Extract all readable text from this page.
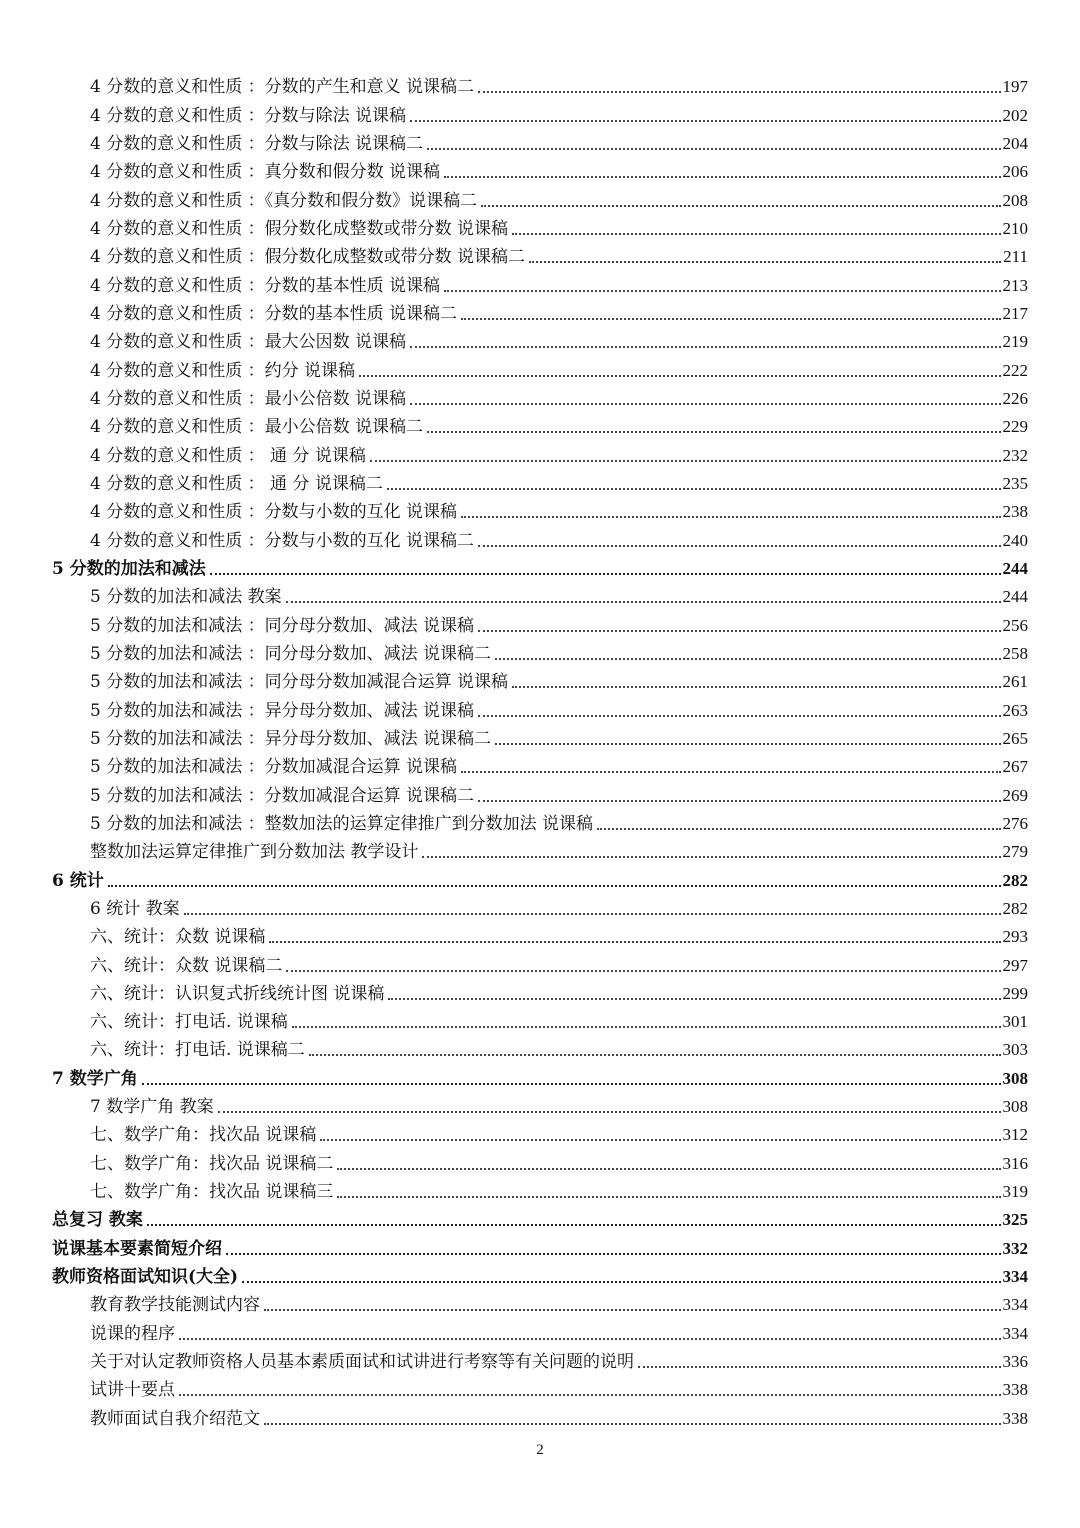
4 分数的意义和性质 ：分数的产生和意义 说课稿二	197
4 分数的意义和性质 ：分数与除法 说课稿	202
4 分数的意义和性质 ：分数与除法 说课稿二	204
4 分数的意义和性质 ：真分数和假分数 说课稿	206
4 分数的意义和性质 ：《真分数和假分数》说课稿二	208
4 分数的意义和性质 ：假分数化成整数或带分数 说课稿	210
4 分数的意义和性质 ：假分数化成整数或带分数 说课稿二	211
4 分数的意义和性质 ：分数的基本性质 说课稿	213
4 分数的意义和性质 ：分数的基本性质 说课稿二	217
4 分数的意义和性质 ：最大公因数 说课稿	219
4 分数的意义和性质 ：约分 说课稿	222
4 分数的意义和性质 ：最小公倍数 说课稿	226
4 分数的意义和性质 ：最小公倍数 说课稿二	229
4 分数的意义和性质 ： 通 分 说课稿	232
4 分数的意义和性质 ： 通 分 说课稿二	235
4 分数的意义和性质 ：分数与小数的互化 说课稿	238
4 分数的意义和性质 ：分数与小数的互化 说课稿二	240
5 分数的加法和减法	244
5 分数的加法和减法 教案	244
5 分数的加法和减法 ：同分母分数加、减法 说课稿	256
5 分数的加法和减法 ：同分母分数加、减法 说课稿二	258
5 分数的加法和减法 ：同分母分数加减混合运算 说课稿	261
5 分数的加法和减法 ：异分母分数加、减法 说课稿	263
5 分数的加法和减法 ：异分母分数加、减法 说课稿二	265
5 分数的加法和减法 ：分数加减混合运算 说课稿	267
5 分数的加法和减法 ：分数加减混合运算 说课稿二	269
5 分数的加法和减法 ：整数加法的运算定律推广到分数加法 说课稿	276
整数加法运算定律推广到分数加法 教学设计	279
6 统计	282
6 统计 教案	282
六、统计：众数 说课稿	293
六、统计：众数 说课稿二	297
六、统计：认识复式折线统计图 说课稿	299
六、统计：打电话. 说课稿	301
六、统计：打电话. 说课稿二	303
7 数学广角	308
7 数学广角 教案	308
七、数学广角：找次品 说课稿	312
七、数学广角：找次品 说课稿二	316
七、数学广角：找次品 说课稿三	319
总复习 教案	325
说课基本要素简短介绍	332
教师资格面试知识(大全)	334
教育教学技能测试内容	334
说课的程序	334
关于对认定教师资格人员基本素质面试和试讲进行考察等有关问题的说明	336
试讲十要点	338
教师面试自我介绍范文	338
2
